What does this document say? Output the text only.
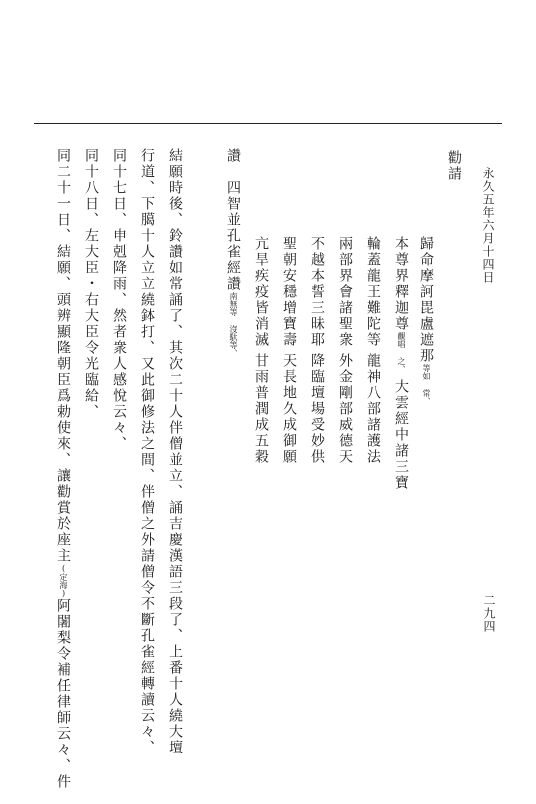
永久五年六月十四日
二九四
勸請
歸命摩訶毘盧遮那等如 常、
本尊界釋迦尊觀唱 之、大雲經中諸三寶
輪蓋龍王難陀等
龍神八部諸護法
兩部界會諸聖衆
外金剛部威德天
不越本誓三昧耶
降臨壇場受妙供
聖朝安穩增寶壽
天長地久成御願
亢旱疾疫皆消滅
甘雨普潤成五穀
讚　四智並孔雀經讚南無等 沒馱等、
結願時後、鈴讚如常誦了、其次二十人伴僧並立、誦吉慶漢語三段了、上番十人繞大壇
行道、下臈十人立立繞鉢打、又此御修法之間、伴僧之外請僧令不斷孔雀經轉讀云々、
同十七日、申剋降雨、然者衆人感悅云々、
同十八日、左大臣・右大臣令光臨給、
同二十一日、結願、頭辨顯隆朝臣爲勅使來、讓勸賞於座主(定海)阿闍梨令補任律師云々、件
